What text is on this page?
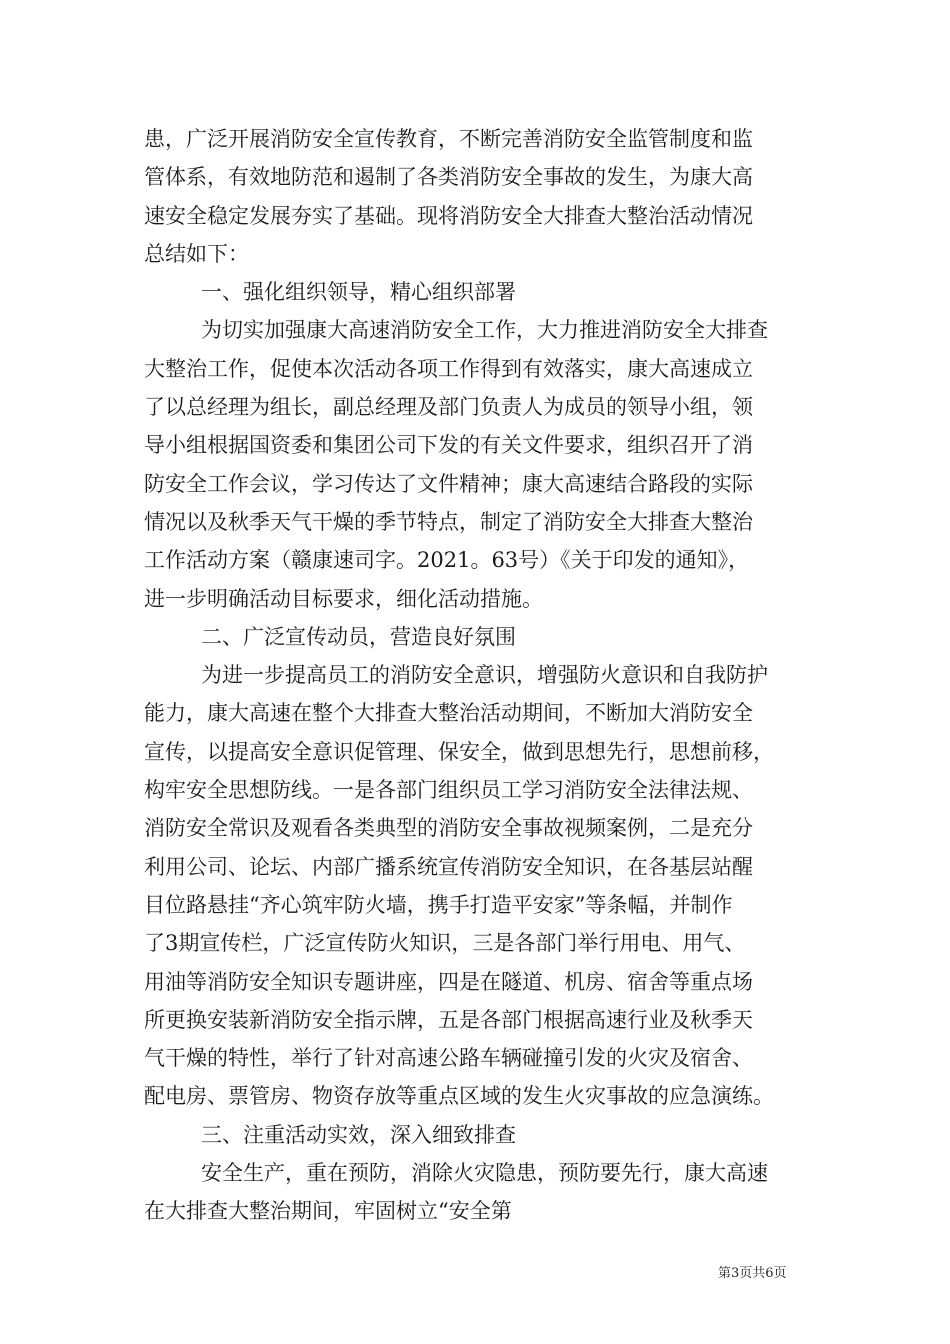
患，广泛开展消防安全宣传教育，不断完善消防安全监管制度和监
管体系，有效地防范和遏制了各类消防安全事故的发生，为康大高
速安全稳定发展夯实了基础。现将消防安全大排查大整治活动情况
总结如下：
一、强化组织领导，精心组织部署
为切实加强康大高速消防安全工作，大力推进消防安全大排查
大整治工作，促使本次活动各项工作得到有效落实，康大高速成立
了以总经理为组长，副总经理及部门负责人为成员的领导小组，领
导小组根据国资委和集团公司下发的有关文件要求，组织召开了消
防安全工作会议，学习传达了文件精神；康大高速结合路段的实际
情况以及秋季天气干燥的季节特点，制定了消防安全大排查大整治
工作活动方案（赣康速司字。2021。63号）《关于印发的通知》，
进一步明确活动目标要求，细化活动措施。
二、广泛宣传动员，营造良好氛围
为进一步提高员工的消防安全意识，增强防火意识和自我防护
能力，康大高速在整个大排查大整治活动期间，不断加大消防安全
宣传，以提高安全意识促管理、保安全，做到思想先行，思想前移，
构牢安全思想防线。一是各部门组织员工学习消防安全法律法规、
消防安全常识及观看各类典型的消防安全事故视频案例，二是充分
利用公司、论坛、内部广播系统宣传消防安全知识，在各基层站醒
目位路悬挂“齐心筑牢防火墙，携手打造平安家”等条幅，并制作
了3期宣传栏，广泛宣传防火知识，三是各部门举行用电、用气、
用油等消防安全知识专题讲座，四是在隧道、机房、宿舍等重点场
所更换安装新消防安全指示牌，五是各部门根据高速行业及秋季天
气干燥的特性，举行了针对高速公路车辆碰撞引发的火灾及宿舍、
配电房、票管房、物资存放等重点区域的发生火灾事故的应急演练。
三、注重活动实效，深入细致排查
安全生产，重在预防，消除火灾隐患，预防要先行，康大高速
在大排查大整治期间，牢固树立“安全第
第3页共6页
